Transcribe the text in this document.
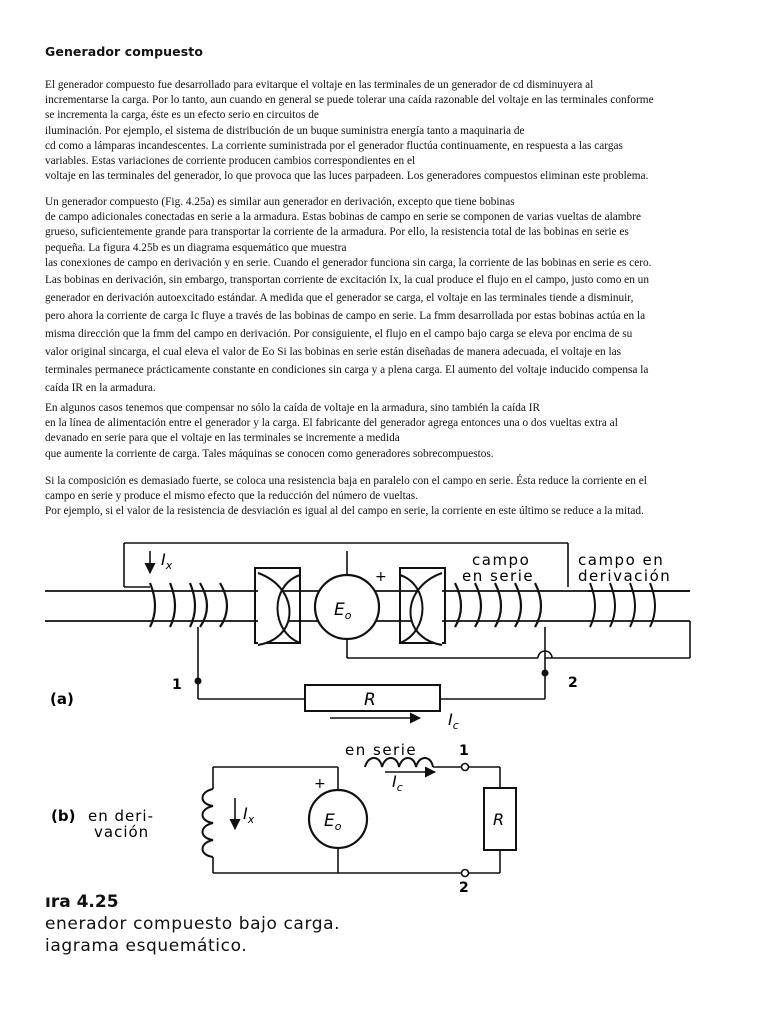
Generador compuesto
El generador compuesto fue desarrollado para evitarque el voltaje en las terminales de un generador de cd disminuyera al
incrementarse la carga. Por lo tanto, aun cuando en general se puede tolerar una caída razonable del voltaje en las terminales conforme
se incrementa la carga, éste es un efecto serio en circuitos de
iluminación. Por ejemplo, el sistema de distribución de un buque suministra energía tanto a maquinaria de
cd como a lámparas incandescentes. La corriente suministrada por el generador fluctúa continuamente, en respuesta a las cargas
variables. Estas variaciones de corriente producen cambios correspondientes en el
voltaje en las terminales del generador, lo que provoca que las luces parpadeen. Los generadores compuestos eliminan este problema.
Un generador compuesto (Fig. 4.25a) es similar aun generador en derivación, excepto que tiene bobinas
de campo adicionales conectadas en serie a la armadura. Estas bobinas de campo en serie se componen de varias vueltas de alambre
grueso, suficientemente grande para transportar la corriente de la armadura. Por ello, la resistencia total de las bobinas en serie es
pequeña. La figura 4.25b es un diagrama esquemático que muestra
las conexiones de campo en derivación y en serie. Cuando el generador funciona sin carga, la corriente de las bobinas en serie es cero.
Las bobinas en derivación, sin embargo, transportan corriente de excitación Ix, la cual produce el flujo en el campo, justo como en un
generador en derivación autoexcitado estándar. A medida que el generador se carga, el voltaje en las terminales tiende a disminuir,
pero ahora la corriente de carga Ic fluye a través de las bobinas de campo en serie. La fmm desarrollada por estas bobinas actúa en la
misma dirección que la fmm del campo en derivación. Por consiguiente, el flujo en el campo bajo carga se eleva por encima de su
valor original sincarga, el cual eleva el valor de Eo Si las bobinas en serie están diseñadas de manera adecuada, el voltaje en las
terminales permanece prácticamente constante en condiciones sin carga y a plena carga. El aumento del voltaje inducido compensa la
caída IR en la armadura.
En algunos casos tenemos que compensar no sólo la caída de voltaje en la armadura, sino también la caída IR
en la línea de alimentación entre el generador y la carga. El fabricante del generador agrega entonces una o dos vueltas extra al
devanado en serie para que el voltaje en las terminales se incremente a medida
que aumente la corriente de carga. Tales máquinas se conocen como generadores sobrecompuestos.
Si la composición es demasiado fuerte, se coloca una resistencia baja en paralelo con el campo en serie. Ésta reduce la corriente en el
campo en serie y produce el mismo efecto que la reducción del número de vueltas.
Por ejemplo, si el valor de la resistencia de desviación es igual al del campo en serie, la corriente en este último se reduce a la mitad.
$I_x$
+
$E_o$
campo
en serie
campo en
derivación
1	2
R
$I_c$
(a)
(b) en deri-
vación
$I_x$
+
$E_o$
en serie
$I_c$
1
2
R
ıra 4.25
enerador compuesto bajo carga.
iagrama esquemático.
